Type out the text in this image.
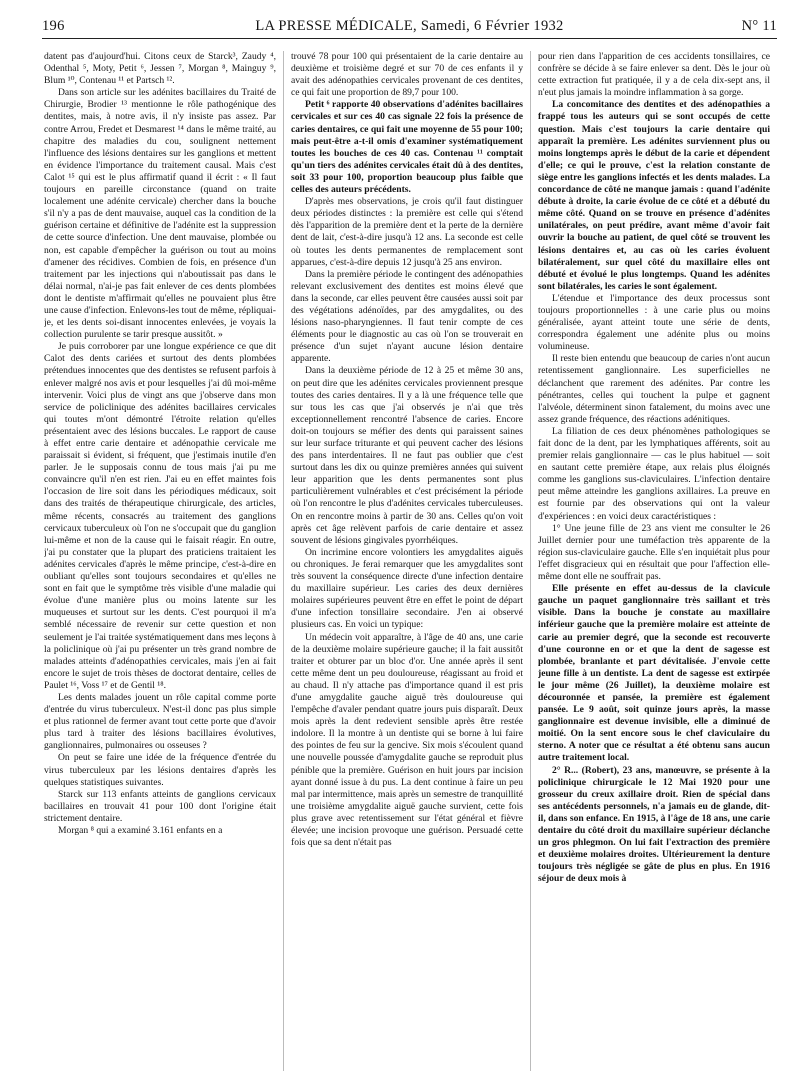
196	LA PRESSE MÉDICALE, Samedi, 6 Février 1932	N° 11

datent pas d'aujourd'hui. Citons ceux de Starck³, Zaudy ⁴, Odenthal ⁵, Moty, Petit ⁶, Jessen ⁷, Morgan ⁸, Mainguy ⁹, Blum ¹⁰, Contenau ¹¹ et Partsch ¹².

Dans son article sur les adénites bacillaires du Traité de Chirurgie, Brodier ¹³ mentionne le rôle pathogénique des dentites, mais, à notre avis, il n'y insiste pas assez. Par contre Arrou, Fredet et Desmarest ¹⁴ dans le même traité, au chapitre des maladies du cou, soulignent nettement l'influence des lésions dentaires sur les ganglions et mettent en évidence l'importance du traitement causal. Mais c'est Calot ¹⁵ qui est le plus affirmatif quand il écrit : « Il faut toujours en pareille circonstance (quand on traite localement une adénite cervicale) chercher dans la bouche s'il n'y a pas de dent mauvaise, auquel cas la condition de la guérison certaine et définitive de l'adénite est la suppression de cette source d'infection. Une dent mauvaise, plombée ou non, est capable d'empêcher la guérison ou tout au moins d'amener des récidives. Combien de fois, en présence d'un traitement par les injections qui n'aboutissait pas dans le délai normal, n'ai-je pas fait enlever de ces dents plombées dont le dentiste m'affirmait qu'elles ne pouvaient plus être une cause d'infection. Enlevons-les tout de même, répliquai-je, et les dents soi-disant innocentes enlevées, je voyais la collection purulente se tarir presque aussitôt. »

Je puis corroborer par une longue expérience ce que dit Calot des dents cariées et surtout des dents plombées prétendues innocentes que des dentistes se refusent parfois à enlever malgré nos avis et pour lesquelles j'ai dû moi-même intervenir. Voici plus de vingt ans que j'observe dans mon service de policlinique des adénites bacillaires cervicales qui toutes m'ont démontré l'étroite relation qu'elles présentaient avec des lésions buccales. Le rapport de cause à effet entre carie dentaire et adénopathie cervicale me paraissait si évident, si fréquent, que j'estimais inutile d'en parler. Je le supposais connu de tous mais j'ai pu me convaincre qu'il n'en est rien. J'ai eu en effet maintes fois l'occasion de lire soit dans les périodiques médicaux, soit dans des traités de thérapeutique chirurgicale, des articles, même récents, consacrés au traitement des ganglions cervicaux tuberculeux où l'on ne s'occupait que du ganglion lui-même et non de la cause qui le faisait réagir. En outre, j'ai pu constater que la plupart des praticiens traitaient les adénites cervicales d'après le même principe, c'est-à-dire en oubliant qu'elles sont toujours secondaires et qu'elles ne sont en fait que le symptôme très visible d'une maladie qui évolue d'une manière plus ou moins latente sur les muqueuses et surtout sur les dents. C'est pourquoi il m'a semblé nécessaire de revenir sur cette question et non seulement je l'ai traitée systématiquement dans mes leçons à la policlinique où j'ai pu présenter un très grand nombre de malades atteints d'adénopathies cervicales, mais j'en ai fait encore le sujet de trois thèses de doctorat dentaire, celles de Paulet ¹⁶, Voss ¹⁷ et de Gentil ¹⁸.

Les dents malades jouent un rôle capital comme porte d'entrée du virus tuberculeux. N'est-il donc pas plus simple et plus rationnel de fermer avant tout cette porte que d'avoir plus tard à traiter des lésions bacillaires évolutives, ganglionnaires, pulmonaires ou osseuses ?

On peut se faire une idée de la fréquence d'entrée du virus tuberculeux par les lésions dentaires d'après les quelques statistiques suivantes.

Starck sur 113 enfants atteints de ganglions cervicaux bacillaires en trouvait 41 pour 100 dont l'origine était strictement dentaire.

Morgan ⁸ qui a examiné 3.161 enfants en a

trouvé 78 pour 100 qui présentaient de la carie dentaire au deuxième et troisième degré et sur 70 de ces enfants il y avait des adénopathies cervicales provenant de ces dentites, ce qui fait une proportion de 89,7 pour 100.

Petit ⁶ rapporte 40 observations d'adénites bacillaires cervicales et sur ces 40 cas signale 22 fois la présence de caries dentaires, ce qui fait une moyenne de 55 pour 100; mais peut-être a-t-il omis d'examiner systématiquement toutes les bouches de ces 40 cas. Contenau ¹¹ comptait qu'un tiers des adénites cervicales était dû à des dentites, soit 33 pour 100, proportion beaucoup plus faible que celles des auteurs précédents.

D'après mes observations, je crois qu'il faut distinguer deux périodes distinctes : la première est celle qui s'étend dès l'apparition de la première dent et la perte de la dernière dent de lait, c'est-à-dire jusqu'à 12 ans. La seconde est celle où toutes les dents permanentes de remplacement sont apparues, c'est-à-dire depuis 12 jusqu'à 25 ans environ.

Dans la première période le contingent des adénopathies relevant exclusivement des dentites est moins élevé que dans la seconde, car elles peuvent être causées aussi soit par des végétations adénoïdes, par des amygdalites, ou des lésions naso-pharyngiennes. Il faut tenir compte de ces éléments pour le diagnostic au cas où l'on se trouverait en présence d'un sujet n'ayant aucune lésion dentaire apparente.

Dans la deuxième période de 12 à 25 et même 30 ans, on peut dire que les adénites cervicales proviennent presque toutes des caries dentaires. Il y a là une fréquence telle que sur tous les cas que j'ai observés je n'ai que très exceptionnellement rencontré l'absence de caries. Encore doit-on toujours se méfier des dents qui paraissent saines sur leur surface triturante et qui peuvent cacher des lésions des pans interdentaires. Il ne faut pas oublier que c'est surtout dans les dix ou quinze premières années qui suivent leur apparition que les dents permanentes sont plus particulièrement vulnérables et c'est précisément la période où l'on rencontre le plus d'adénites cervicales tuberculeuses. On en rencontre moins à partir de 30 ans. Celles qu'on voit après cet âge relèvent parfois de carie dentaire et assez souvent de lésions gingivales pyorrhéiques.

On incrimine encore volontiers les amygdalites aiguës ou chroniques. Je ferai remarquer que les amygdalites sont très souvent la conséquence directe d'une infection dentaire du maxillaire supérieur. Les caries des deux dernières molaires supérieures peuvent être en effet le point de départ d'une infection tonsillaire secondaire. J'en ai observé plusieurs cas. En voici un typique:

Un médecin voit apparaître, à l'âge de 40 ans, une carie de la deuxième molaire supérieure gauche; il la fait aussitôt traiter et obturer par un bloc d'or. Une année après il sent cette même dent un peu douloureuse, réagissant au froid et au chaud. Il n'y attache pas d'importance quand il est pris d'une amygdalite gauche aiguë très douloureuse qui l'empêche d'avaler pendant quatre jours puis disparaît. Deux mois après la dent redevient sensible après être restée indolore. Il la montre à un dentiste qui se borne à lui faire des pointes de feu sur la gencive. Six mois s'écoulent quand une nouvelle poussée d'amygdalite gauche se reproduit plus pénible que la première. Guérison en huit jours par incision ayant donné issue à du pus. La dent continue à faire un peu mal par intermittence, mais après un semestre de tranquillité une troisième amygdalite aiguë gauche survient, cette fois plus grave avec retentissement sur l'état général et fièvre élevée; une incision provoque une guérison. Persuadé cette fois que sa dent n'était pas

pour rien dans l'apparition de ces accidents tonsillaires, ce confrère se décide à se faire enlever sa dent. Dès le jour où cette extraction fut pratiquée, il y a de cela dix-sept ans, il n'eut plus jamais la moindre inflammation à sa gorge.

La concomitance des dentites et des adénopathies a frappé tous les auteurs qui se sont occupés de cette question. Mais c'est toujours la carie dentaire qui apparaît la première. Les adénites surviennent plus ou moins longtemps après le début de la carie et dépendent d'elle; ce qui le prouve, c'est la relation constante de siège entre les ganglions infectés et les dents malades. La concordance de côté ne manque jamais : quand l'adénite débute à droite, la carie évolue de ce côté et a débuté du même côté. Quand on se trouve en présence d'adénites unilatérales, on peut prédire, avant même d'avoir fait ouvrir la bouche au patient, de quel côté se trouvent les lésions dentaires et, au cas où les caries évoluent bilatéralement, sur quel côté du maxillaire elles ont débuté et évolué le plus longtemps. Quand les adénites sont bilatérales, les caries le sont également.

L'étendue et l'importance des deux processus sont toujours proportionnelles : à une carie plus ou moins généralisée, ayant atteint toute une série de dents, correspondra également une adénite plus ou moins volumineuse.

Il reste bien entendu que beaucoup de caries n'ont aucun retentissement ganglionnaire. Les superficielles ne déclanchent que rarement des adénites. Par contre les pénétrantes, celles qui touchent la pulpe et gagnent l'alvéole, déterminent sinon fatalement, du moins avec une assez grande fréquence, des réactions adénitiques.

La filiation de ces deux phénomènes pathologiques se fait donc de la dent, par les lymphatiques afférents, soit au premier relais ganglionnaire — cas le plus habituel — soit en sautant cette première étape, aux relais plus éloignés comme les ganglions sus-claviculaires. L'infection dentaire peut même atteindre les ganglions axillaires. La preuve en est fournie par des observations qui ont la valeur d'expériences : en voici deux caractéristiques :

1° Une jeune fille de 23 ans vient me consulter le 26 Juillet dernier pour une tuméfaction très apparente de la région sus-claviculaire gauche. Elle s'en inquiétait plus pour l'effet disgracieux qui en résultait que pour l'affection elle-même dont elle ne souffrait pas.

Elle présente en effet au-dessus de la clavicule gauche un paquet ganglionnaire très saillant et très visible. Dans la bouche je constate au maxillaire inférieur gauche que la première molaire est atteinte de carie au premier degré, que la seconde est recouverte d'une couronne en or et que la dent de sagesse est plombée, branlante et part dévitalisée. J'envoie cette jeune fille à un dentiste. La dent de sagesse est extirpée le jour même (26 Juillet), la deuxième molaire est découronnée et pansée, la première est également pansée. Le 9 août, soit quinze jours après, la masse ganglionnaire est devenue invisible, elle a diminué de moitié. On la sent encore sous le chef claviculaire du sterno. A noter que ce résultat a été obtenu sans aucun autre traitement local.

2° R... (Robert), 23 ans, manœuvre, se présente à la policlinique chirurgicale le 12 Mai 1920 pour une grosseur du creux axillaire droit. Rien de spécial dans ses antécédents personnels, n'a jamais eu de glande, dit-il, dans son enfance. En 1915, à l'âge de 18 ans, une carie dentaire du côté droit du maxillaire supérieur déclanche un gros phlegmon. On lui fait l'extraction des première et deuxième molaires droites. Ultérieurement la denture toujours très négligée se gâte de plus en plus. En 1916 séjour de deux mois à
